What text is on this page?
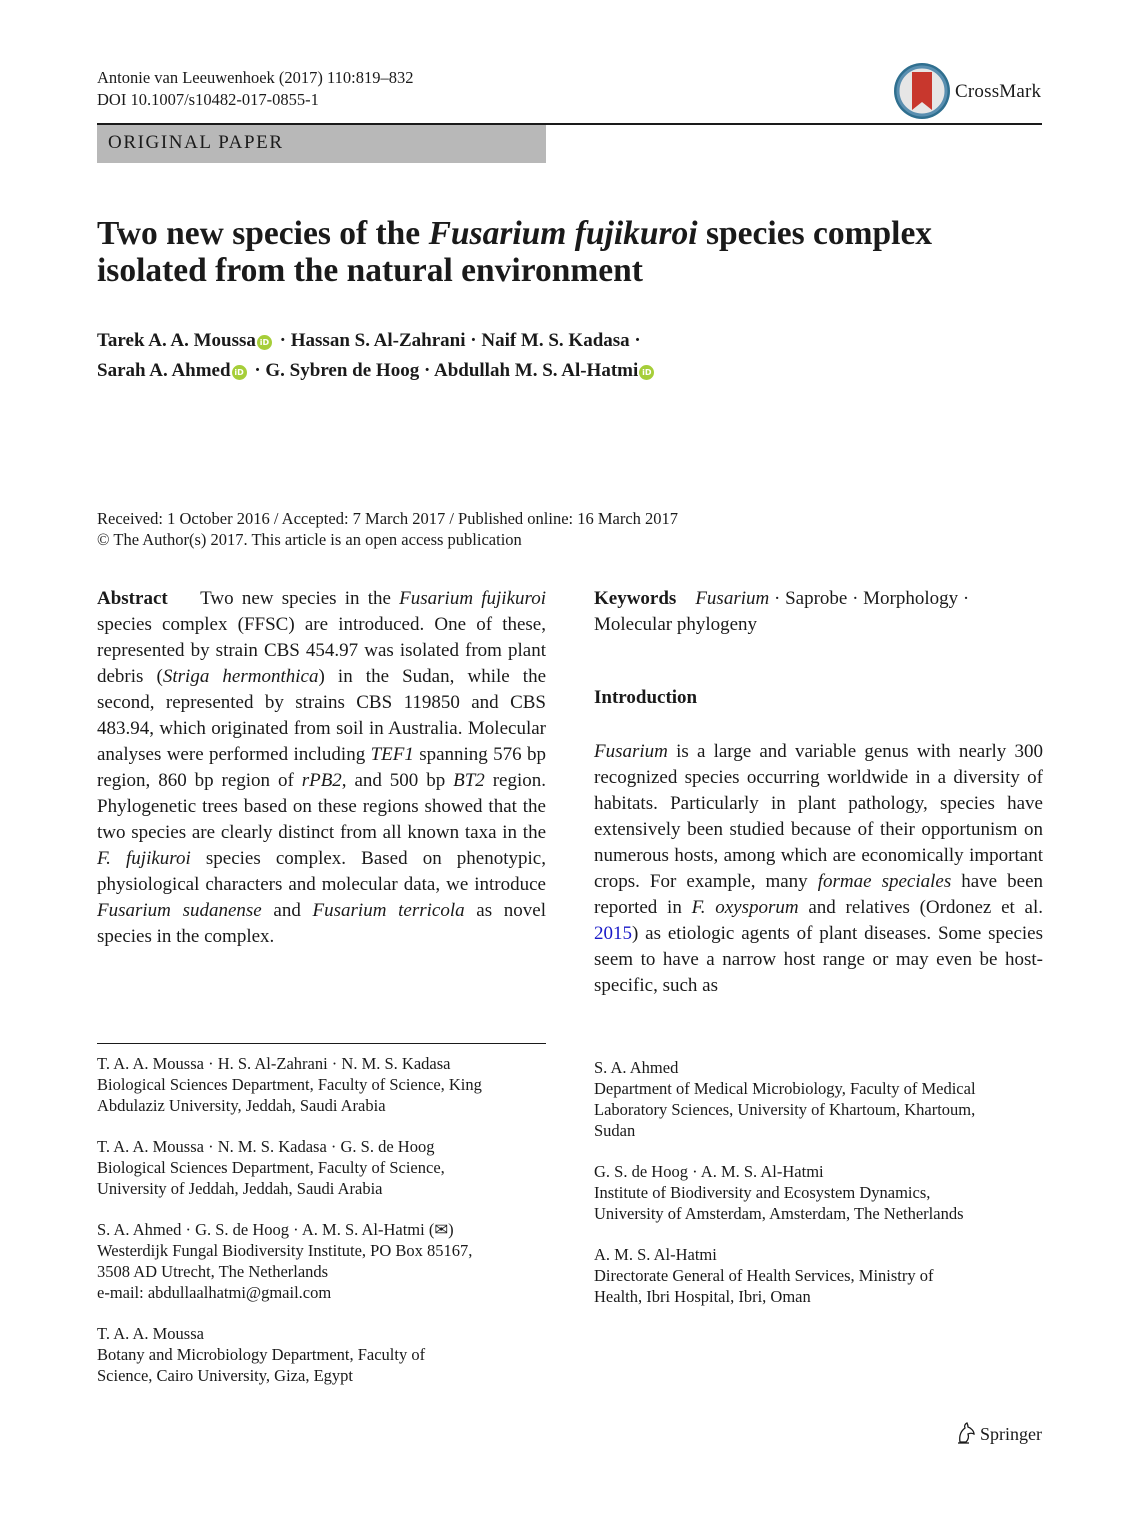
Antonie van Leeuwenhoek (2017) 110:819–832
DOI 10.1007/s10482-017-0855-1	CrossMark
ORIGINAL PAPER
Two new species of the Fusarium fujikuroi species complex isolated from the natural environment
Tarek A. A. Moussa iD · Hassan S. Al-Zahrani · Naif M. S. Kadasa ·
Sarah A. Ahmed iD · G. Sybren de Hoog · Abdullah M. S. Al-Hatmi iD
Received: 1 October 2016 / Accepted: 7 March 2017 / Published online: 16 March 2017
© The Author(s) 2017. This article is an open access publication
Abstract Two new species in the Fusarium fujikuroi species complex (FFSC) are introduced. One of these, represented by strain CBS 454.97 was isolated from plant debris (Striga hermonthica) in the Sudan, while the second, represented by strains CBS 119850 and CBS 483.94, which originated from soil in Australia. Molecular analyses were performed including TEF1 spanning 576 bp region, 860 bp region of rPB2, and 500 bp BT2 region. Phylogenetic trees based on these regions showed that the two species are clearly distinct from all known taxa in the F. fujikuroi species complex. Based on phenotypic, physiological characters and molecular data, we introduce Fusarium sudanense and Fusarium terricola as novel species in the complex.
Keywords Fusarium · Saprobe · Morphology ·
Molecular phylogeny
Introduction
Fusarium is a large and variable genus with nearly 300 recognized species occurring worldwide in a diversity of habitats. Particularly in plant pathology, species have extensively been studied because of their opportunism on numerous hosts, among which are economically important crops. For example, many formae speciales have been reported in F. oxysporum and relatives (Ordonez et al. 2015) as etiologic agents of plant diseases. Some species seem to have a narrow host range or may even be host-specific, such as
T. A. A. Moussa · H. S. Al-Zahrani · N. M. S. Kadasa
Biological Sciences Department, Faculty of Science, King
Abdulaziz University, Jeddah, Saudi Arabia
T. A. A. Moussa · N. M. S. Kadasa · G. S. de Hoog
Biological Sciences Department, Faculty of Science,
University of Jeddah, Jeddah, Saudi Arabia
S. A. Ahmed · G. S. de Hoog · A. M. S. Al-Hatmi (✉)
Westerdijk Fungal Biodiversity Institute, PO Box 85167,
3508 AD Utrecht, The Netherlands
e-mail: abdullaalhatmi@gmail.com
T. A. A. Moussa
Botany and Microbiology Department, Faculty of
Science, Cairo University, Giza, Egypt
S. A. Ahmed
Department of Medical Microbiology, Faculty of Medical
Laboratory Sciences, University of Khartoum, Khartoum,
Sudan
G. S. de Hoog · A. M. S. Al-Hatmi
Institute of Biodiversity and Ecosystem Dynamics,
University of Amsterdam, Amsterdam, The Netherlands
A. M. S. Al-Hatmi
Directorate General of Health Services, Ministry of
Health, Ibri Hospital, Ibri, Oman
Springer
